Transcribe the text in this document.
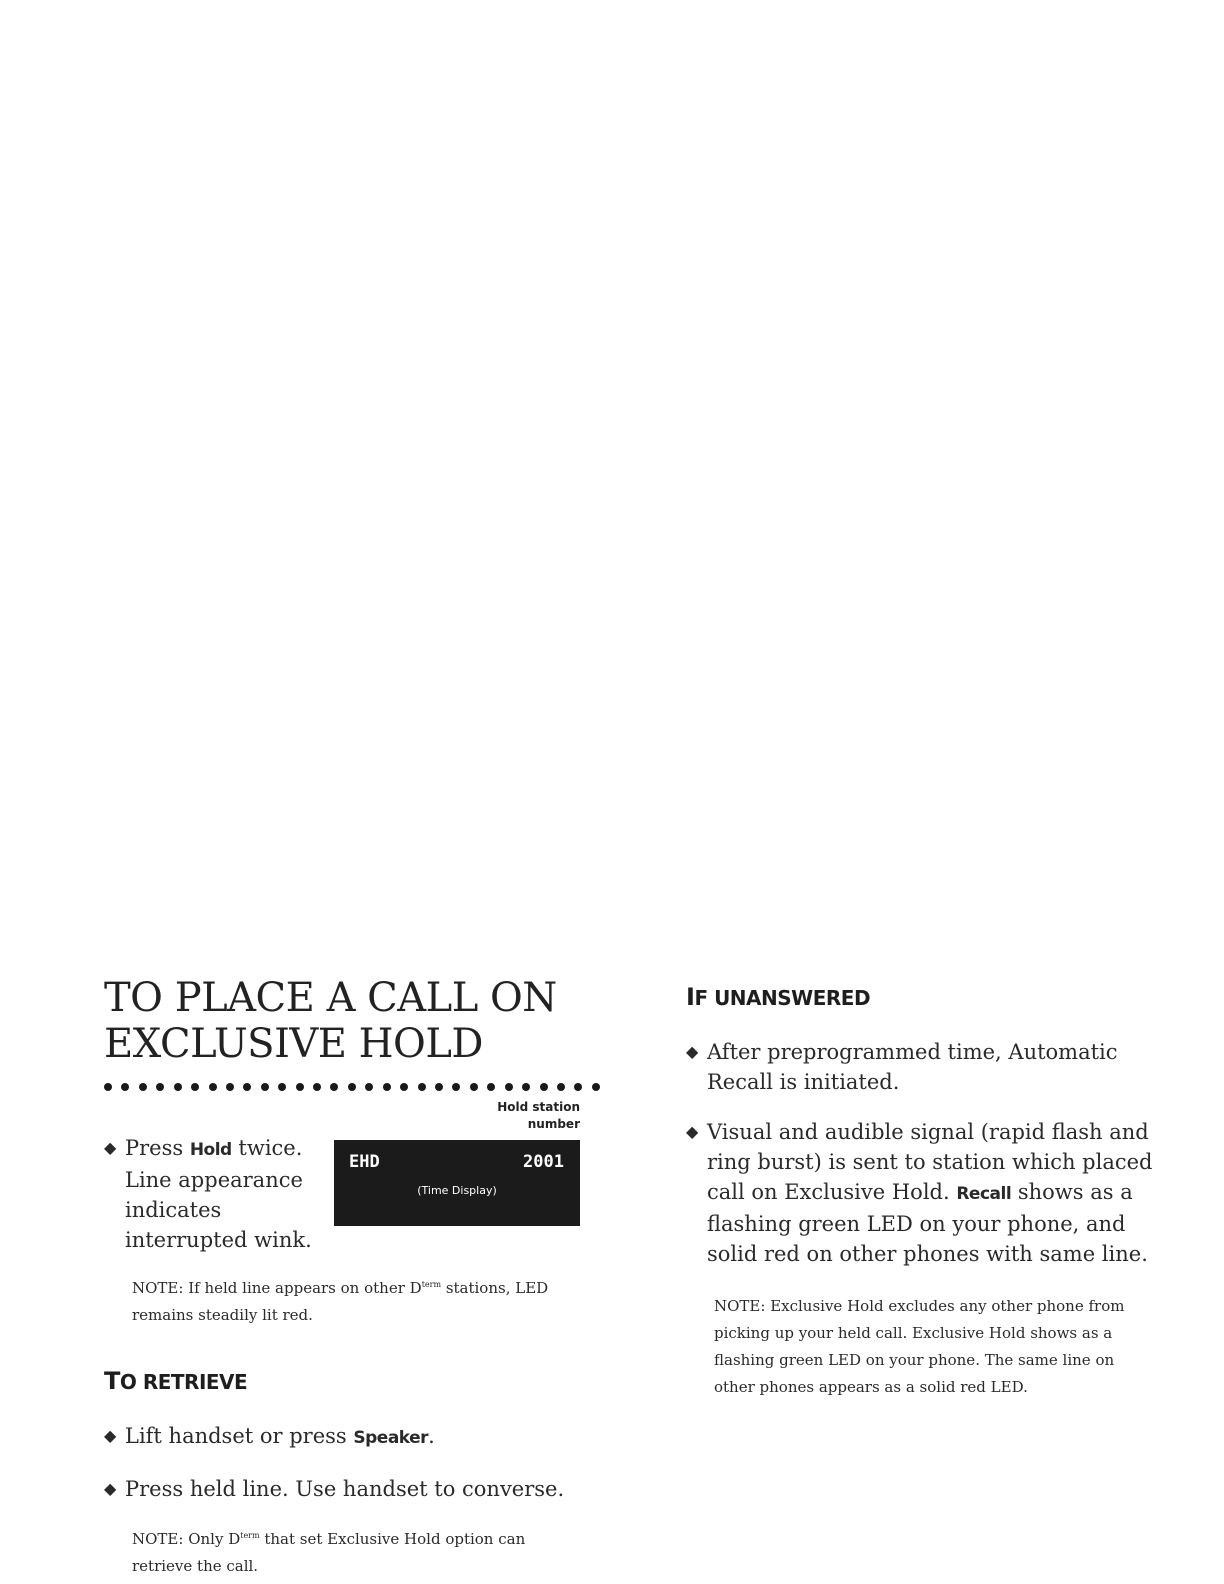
TO PLACE A CALL ON
EXCLUSIVE HOLD
Hold station
number
◆ Press Hold twice. Line appearance indicates interrupted wink.
EHD	2001
(Time Display)
NOTE: If held line appears on other $D^{term}$ stations, LED remains steadily lit red.
TO RETRIEVE
◆ Lift handset or press Speaker.
◆ Press held line. Use handset to converse.
NOTE: Only $D^{term}$ that set Exclusive Hold option can retrieve the call.
IF UNANSWERED
◆ After preprogrammed time, Automatic Recall is initiated.
◆ Visual and audible signal (rapid flash and ring burst) is sent to station which placed call on Exclusive Hold. Recall shows as a flashing green LED on your phone, and solid red on other phones with same line.
NOTE: Exclusive Hold excludes any other phone from picking up your held call. Exclusive Hold shows as a flashing green LED on your phone. The same line on other phones appears as a solid red LED.
